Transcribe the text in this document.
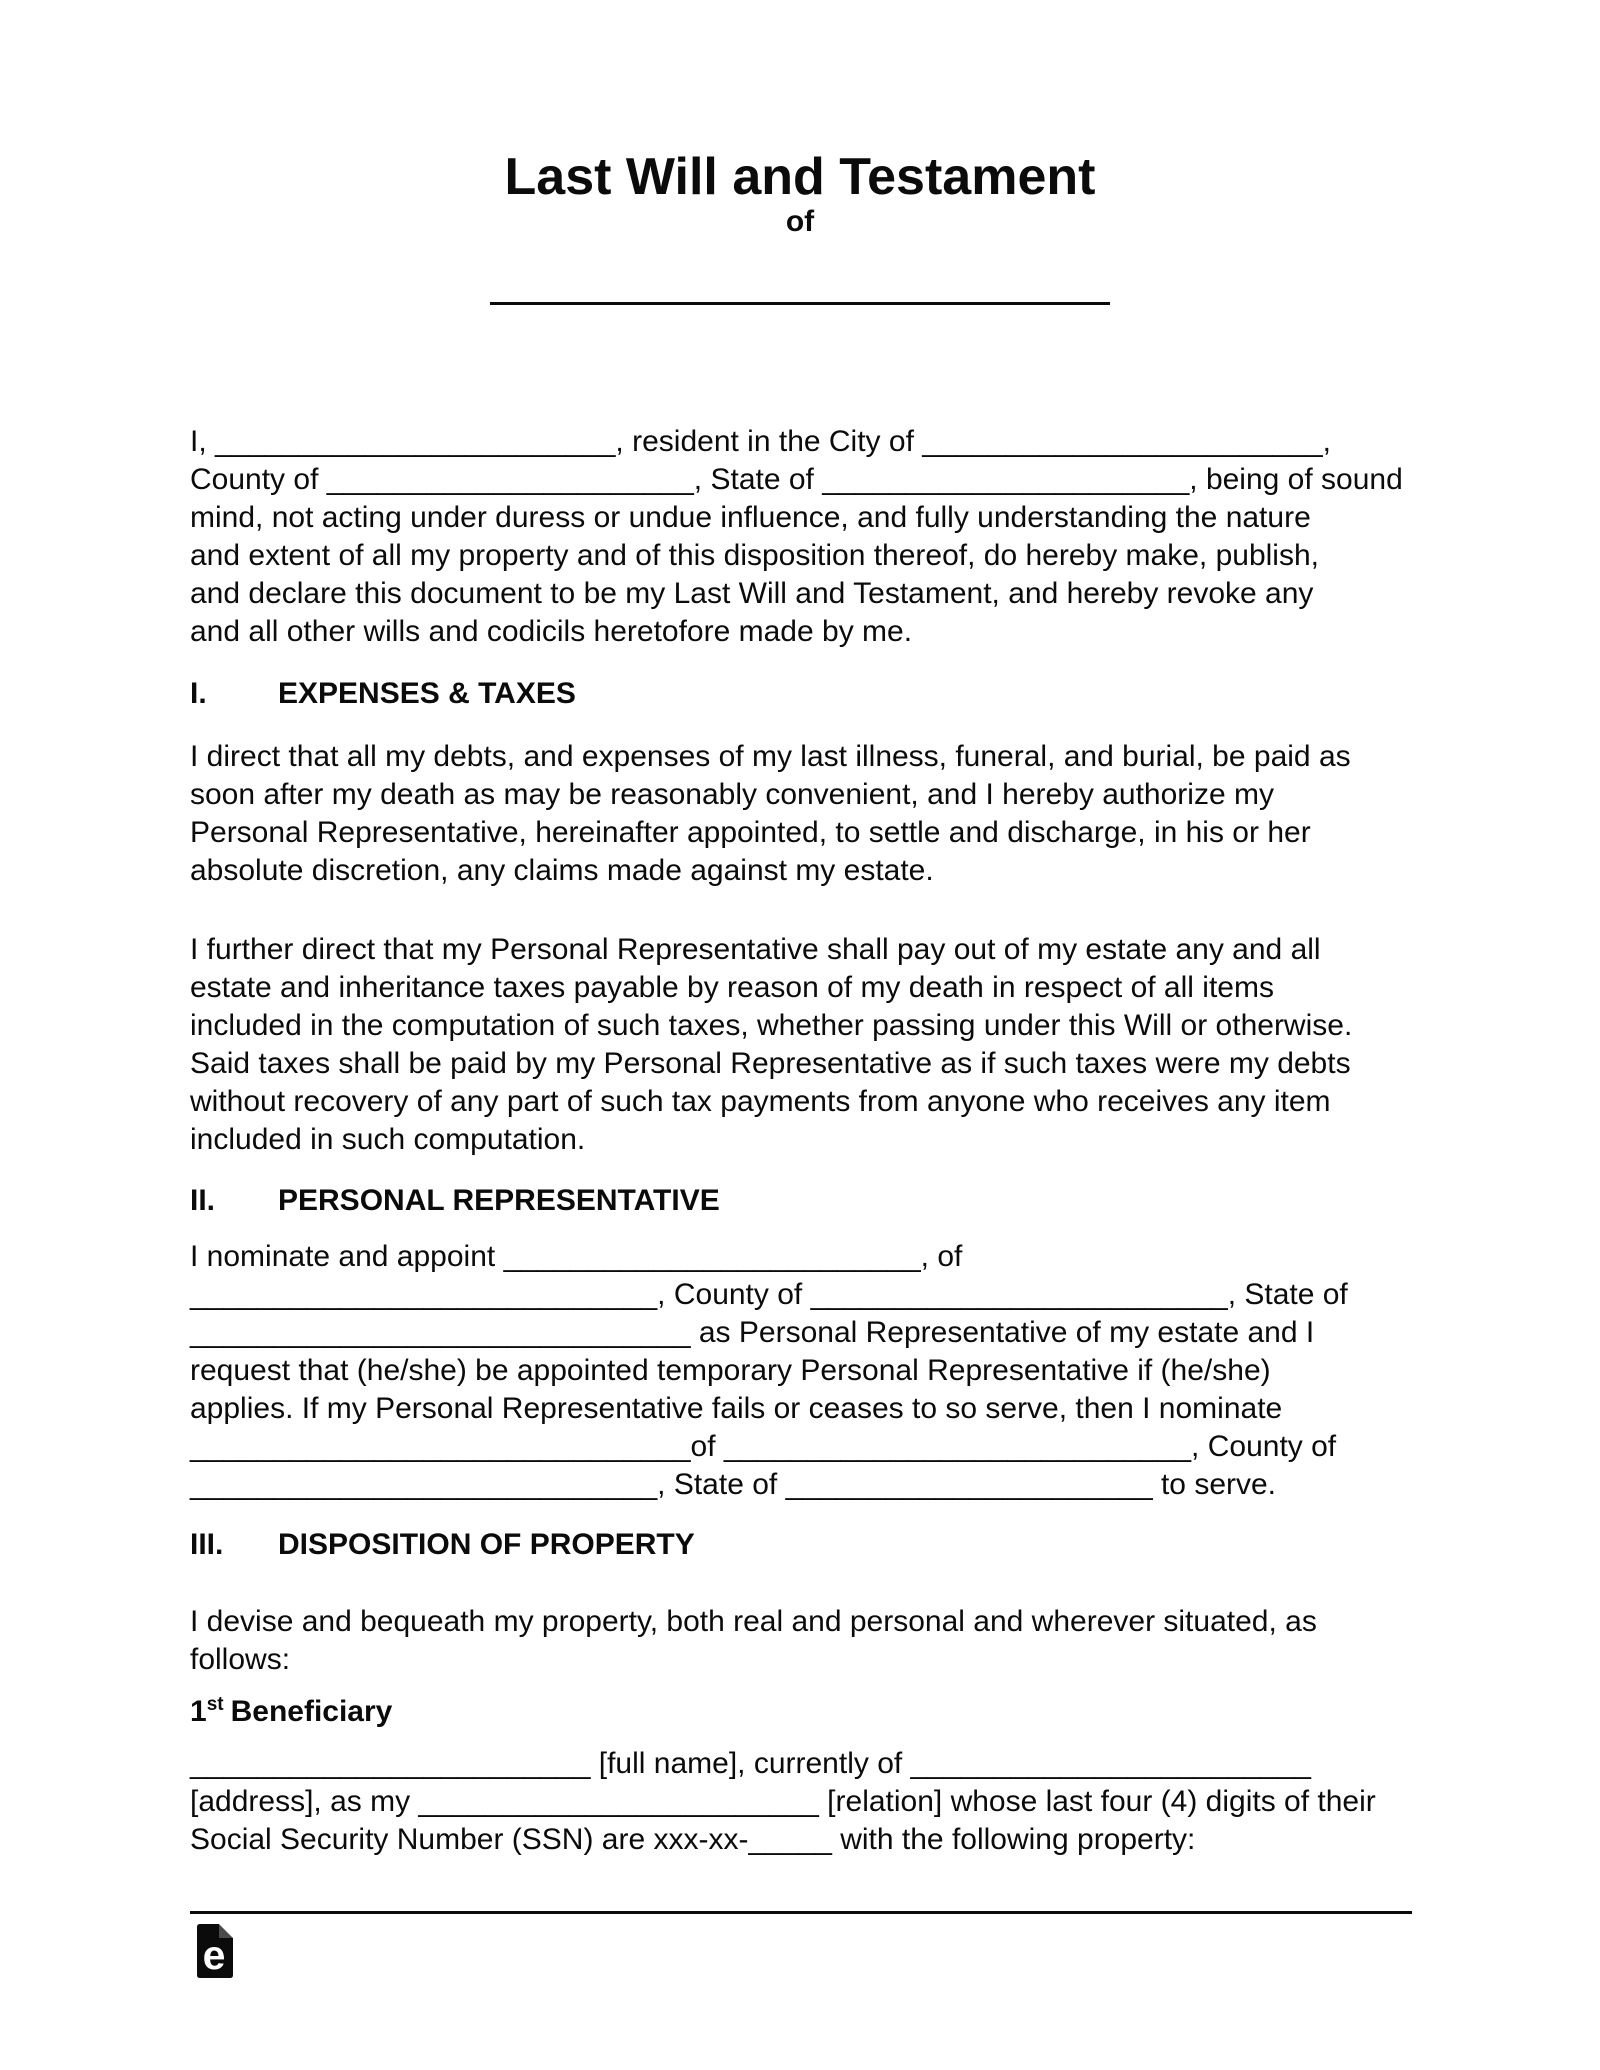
Last Will and Testament
of
I, ________________________, resident in the City of ________________________,
County of ______________________, State of ______________________, being of sound
mind, not acting under duress or undue influence, and fully understanding the nature
and extent of all my property and of this disposition thereof, do hereby make, publish,
and declare this document to be my Last Will and Testament, and hereby revoke any
and all other wills and codicils heretofore made by me.
I.	EXPENSES & TAXES
I direct that all my debts, and expenses of my last illness, funeral, and burial, be paid as
soon after my death as may be reasonably convenient, and I hereby authorize my
Personal Representative, hereinafter appointed, to settle and discharge, in his or her
absolute discretion, any claims made against my estate.
I further direct that my Personal Representative shall pay out of my estate any and all
estate and inheritance taxes payable by reason of my death in respect of all items
included in the computation of such taxes, whether passing under this Will or otherwise.
Said taxes shall be paid by my Personal Representative as if such taxes were my debts
without recovery of any part of such tax payments from anyone who receives any item
included in such computation.
II.	PERSONAL REPRESENTATIVE
I nominate and appoint _________________________, of
____________________________, County of _________________________, State of
______________________________ as Personal Representative of my estate and I
request that (he/she) be appointed temporary Personal Representative if (he/she)
applies. If my Personal Representative fails or ceases to so serve, then I nominate
______________________________of ____________________________, County of
____________________________, State of ______________________ to serve.
III.	DISPOSITION OF PROPERTY
I devise and bequeath my property, both real and personal and wherever situated, as
follows:
1st Beneficiary
________________________ [full name], currently of ________________________
[address], as my ________________________ [relation] whose last four (4) digits of their
Social Security Number (SSN) are xxx-xx-_____ with the following property:
e
